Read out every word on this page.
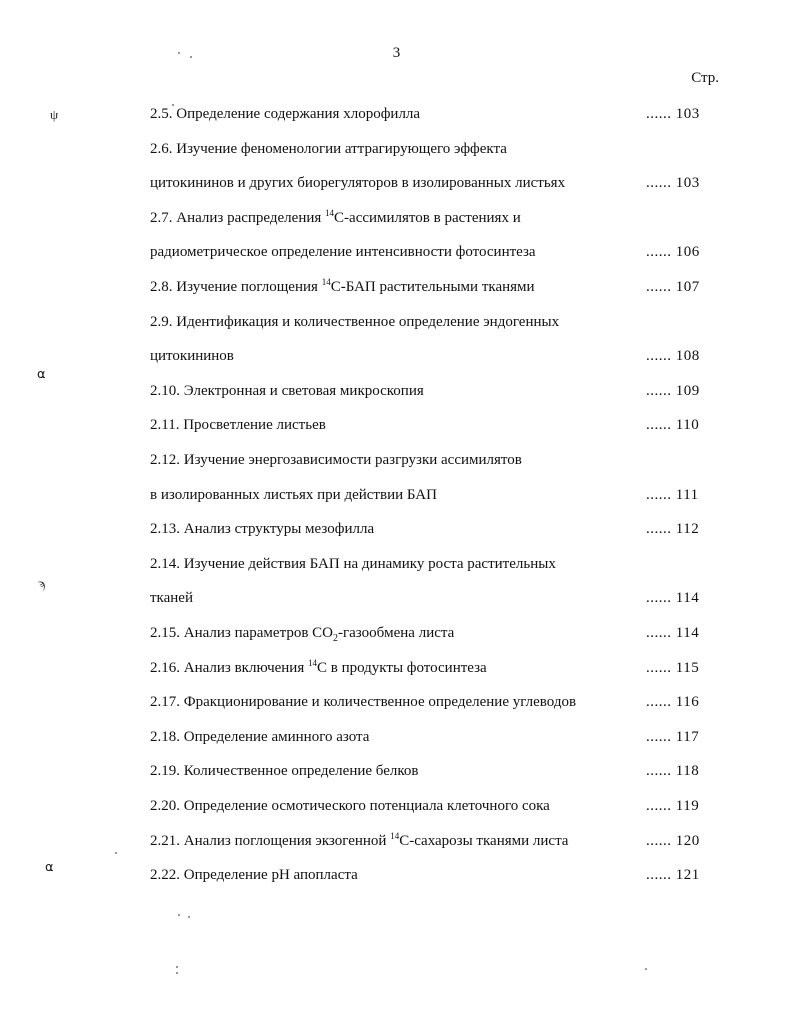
3
Стр.
ψ
⍺
ϡ
⍺
2.5. Определение содержания хлорофилла	...... 103
2.6. Изучение феноменологии аттрагирующего эффекта
цитокининов и других биорегуляторов в изолированных листьях	...... 103
2.7. Анализ распределения $^{14}$С-ассимилятов в растениях и
радиометрическое определение интенсивности фотосинтеза	...... 106
2.8. Изучение поглощения $^{14}$С-БАП растительными тканями	...... 107
2.9. Идентификация и количественное определение эндогенных
цитокининов	...... 108
2.10. Электронная и световая микроскопия	...... 109
2.11. Просветление листьев	...... 110
2.12. Изучение энергозависимости разгрузки ассимилятов
в изолированных листьях при действии БАП	...... 111
2.13. Анализ структуры мезофилла	...... 112
2.14. Изучение действия БАП на динамику роста растительных
тканей	...... 114
2.15. Анализ параметров $СО_2$-газообмена листа	...... 114
2.16. Анализ включения $^{14}$С в продукты фотосинтеза	...... 115
2.17. Фракционирование и количественное определение углеводов	...... 116
2.18. Определение аминного азота	...... 117
2.19. Количественное определение белков	...... 118
2.20. Определение осмотического потенциала клеточного сока	...... 119
2.21. Анализ поглощения экзогенной $^{14}$С-сахарозы тканями листа	...... 120
2.22. Определение pH апопласта	...... 121
